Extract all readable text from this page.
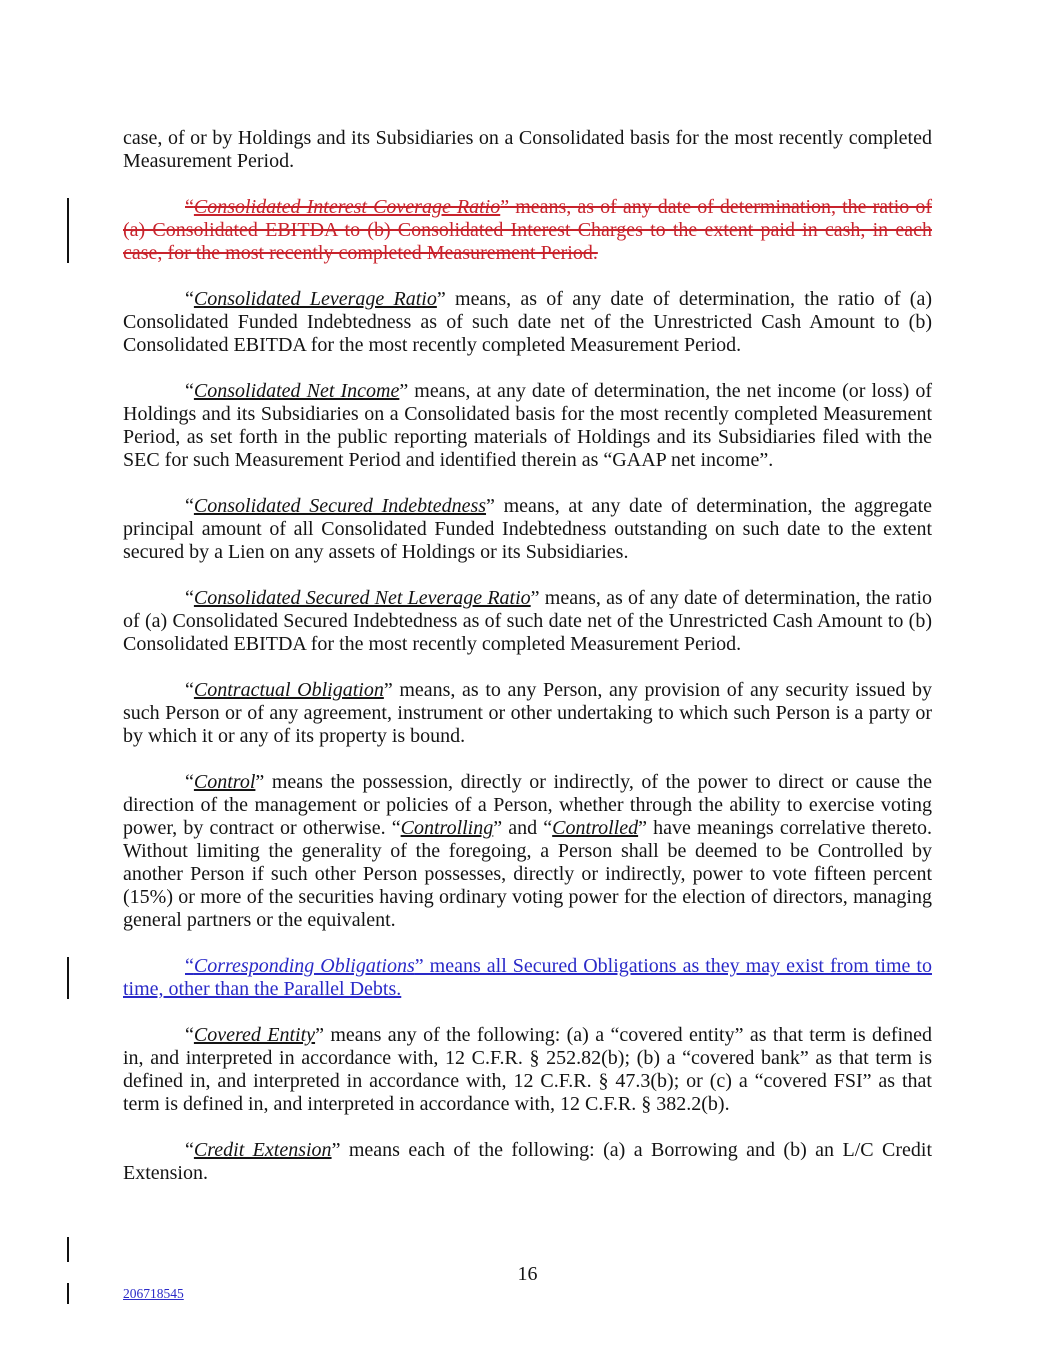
case, of or by Holdings and its Subsidiaries on a Consolidated basis for the most recently completed Measurement Period.

“Consolidated Interest Coverage Ratio” means, as of any date of determination, the ratio of (a) Consolidated EBITDA to (b) Consolidated Interest Charges to the extent paid in cash, in each case, for the most recently completed Measurement Period.

“Consolidated Leverage Ratio” means, as of any date of determination, the ratio of (a) Consolidated Funded Indebtedness as of such date net of the Unrestricted Cash Amount to (b) Consolidated EBITDA for the most recently completed Measurement Period.

“Consolidated Net Income” means, at any date of determination, the net income (or loss) of Holdings and its Subsidiaries on a Consolidated basis for the most recently completed Measurement Period, as set forth in the public reporting materials of Holdings and its Subsidiaries filed with the SEC for such Measurement Period and identified therein as “GAAP net income”.

“Consolidated Secured Indebtedness” means, at any date of determination, the aggregate principal amount of all Consolidated Funded Indebtedness outstanding on such date to the extent secured by a Lien on any assets of Holdings or its Subsidiaries.

“Consolidated Secured Net Leverage Ratio” means, as of any date of determination, the ratio of (a) Consolidated Secured Indebtedness as of such date net of the Unrestricted Cash Amount to (b) Consolidated EBITDA for the most recently completed Measurement Period.

“Contractual Obligation” means, as to any Person, any provision of any security issued by such Person or of any agreement, instrument or other undertaking to which such Person is a party or by which it or any of its property is bound.

“Control” means the possession, directly or indirectly, of the power to direct or cause the direction of the management or policies of a Person, whether through the ability to exercise voting power, by contract or otherwise. “Controlling” and “Controlled” have meanings correlative thereto. Without limiting the generality of the foregoing, a Person shall be deemed to be Controlled by another Person if such other Person possesses, directly or indirectly, power to vote fifteen percent (15%) or more of the securities having ordinary voting power for the election of directors, managing general partners or the equivalent.

“Corresponding Obligations” means all Secured Obligations as they may exist from time to time, other than the Parallel Debts.

“Covered Entity” means any of the following: (a) a “covered entity” as that term is defined in, and interpreted in accordance with, 12 C.F.R. § 252.82(b); (b) a “covered bank” as that term is defined in, and interpreted in accordance with, 12 C.F.R. § 47.3(b); or (c) a “covered FSI” as that term is defined in, and interpreted in accordance with, 12 C.F.R. § 382.2(b).

“Credit Extension” means each of the following: (a) a Borrowing and (b) an L/C Credit Extension.

16
206718545
